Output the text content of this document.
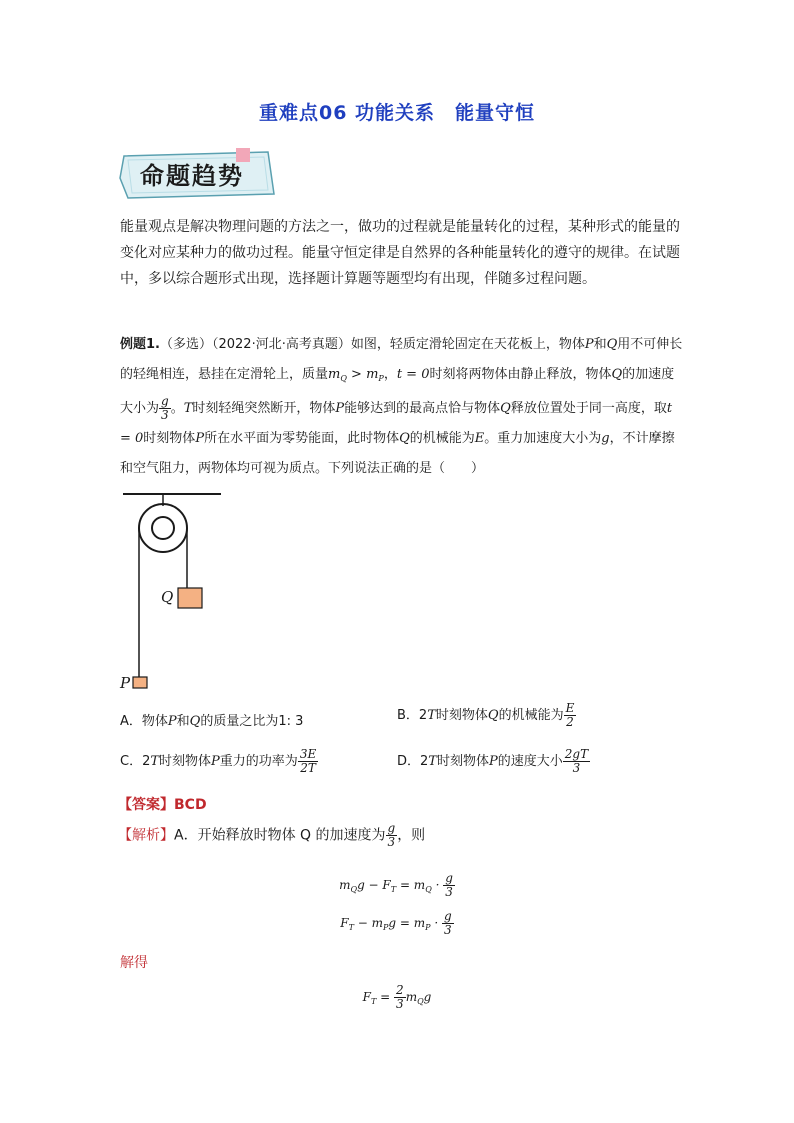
重难点06 功能关系　能量守恒
命题趋势
能量观点是解决物理问题的方法之一，做功的过程就是能量转化的过程，某种形式的能量的变化对应某种力的做功过程。能量守恒定律是自然界的各种能量转化的遵守的规律。在试题中，多以综合题形式出现，选择题计算题等题型均有出现，伴随多过程问题。
例题1.（多选）（2022·河北·高考真题）如图，轻质定滑轮固定在天花板上，物体P和Q用不可伸长的轻绳相连，悬挂在定滑轮上，质量$m_Q > m_P$，t = 0时刻将两物体由静止释放，物体Q的加速度大小为 $\frac{g}{3}$ 。T时刻轻绳突然断开，物体P能够达到的最高点恰与物体Q释放位置处于同一高度，取t = 0时刻物体P所在水平面为零势能面，此时物体Q的机械能为E。重力加速度大小为g，不计摩擦和空气阻力，两物体均可视为质点。下列说法正确的是（　　）
Q
P
A．物体P和Q的质量之比为1: 3	B．2T时刻物体Q的机械能为 $\frac{E}{2}$
C．2T时刻物体P重力的功率为 $\frac{3E}{2T}$	D．2T时刻物体P的速度大小 $\frac{2gT}{3}$
【答案】BCD
【解析】A．开始释放时物体 Q 的加速度为 $\frac{g}{3}$ ，则
$m_Qg - F_T = m_Q \cdot \frac{g}{3}$
$F_T - m_Pg = m_P \cdot \frac{g}{3}$
解得
$F_T = \frac{2}{3} m_Qg$
